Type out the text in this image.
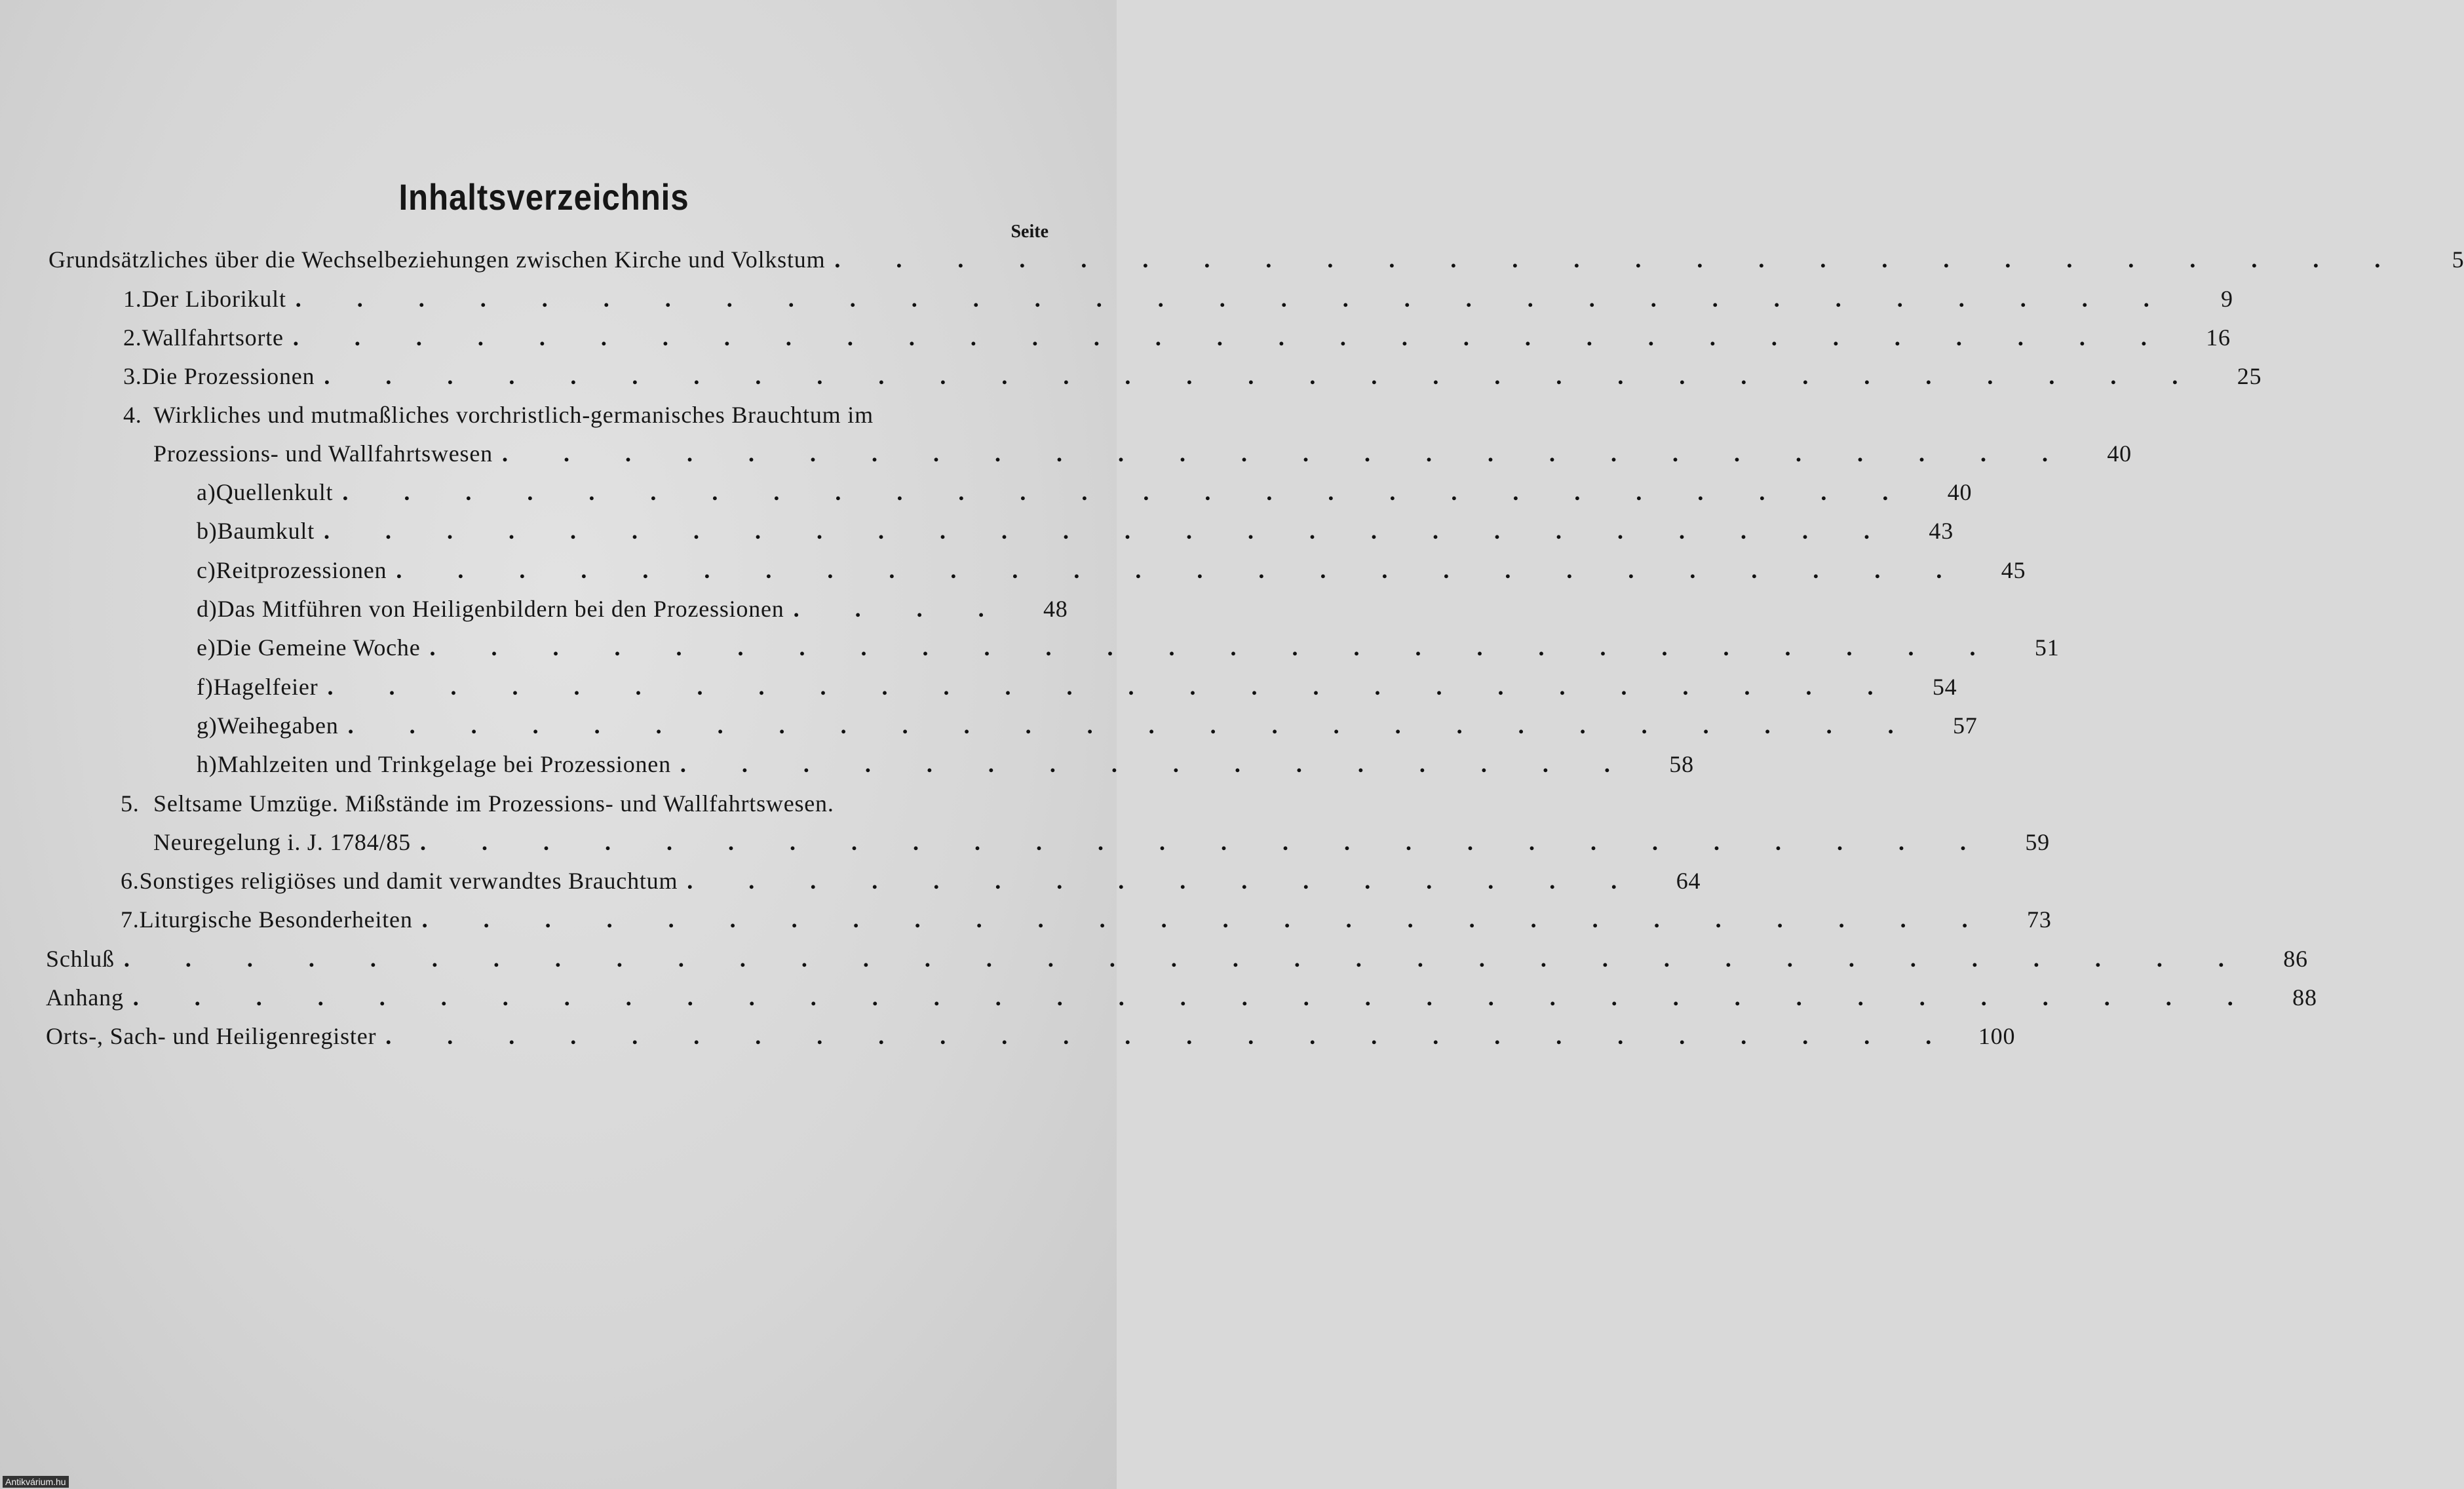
Inhaltsverzeichnis
Seite
Grundsätzliches über die Wechselbeziehungen zwischen Kirche und Volkstum . . . . . . . . . . . . . . . . . . . . . . . . . .	5
1. Der Liborikult . . . . . . . . . . . . . . . . . . . . . . . . . . . . . . .	9
2. Wallfahrtsorte . . . . . . . . . . . . . . . . . . . . . . . . . . . . . . .	16
3. Die Prozessionen . . . . . . . . . . . . . . . . . . . . . . . . . . . . . . .	25
4. Wirkliches und mutmaßliches vorchristlich-germanisches Brauchtum im
Prozessions- und Wallfahrtswesen . . . . . . . . . . . . . . . . . . . . . . . . . .	40
a) Quellenkult . . . . . . . . . . . . . . . . . . . . . . . . . .	40
b) Baumkult . . . . . . . . . . . . . . . . . . . . . . . . . .	43
c) Reitprozessionen . . . . . . . . . . . . . . . . . . . . . . . . . .	45
d) Das Mitführen von Heiligenbildern bei den Prozessionen . . . .	48
e) Die Gemeine Woche . . . . . . . . . . . . . . . . . . . . . . . . . .	51
f) Hagelfeier . . . . . . . . . . . . . . . . . . . . . . . . . .	54
g) Weihegaben . . . . . . . . . . . . . . . . . . . . . . . . . .	57
h) Mahlzeiten und Trinkgelage bei Prozessionen . . . . . . . . . . . . . . . .	58
5. Seltsame Umzüge. Mißstände im Prozessions- und Wallfahrtswesen.
Neuregelung i. J. 1784/85 . . . . . . . . . . . . . . . . . . . . . . . . . .	59
6. Sonstiges religiöses und damit verwandtes Brauchtum . . . . . . . . . . . . . . . .	64
7. Liturgische Besonderheiten . . . . . . . . . . . . . . . . . . . . . . . . . .	73
Schluß . . . . . . . . . . . . . . . . . . . . . . . . . . . . . . . . . . .	86
Anhang . . . . . . . . . . . . . . . . . . . . . . . . . . . . . . . . . . .	88
Orts-, Sach- und Heiligenregister . . . . . . . . . . . . . . . . . . . . . . . . . . 100
Antikvárium.hu
